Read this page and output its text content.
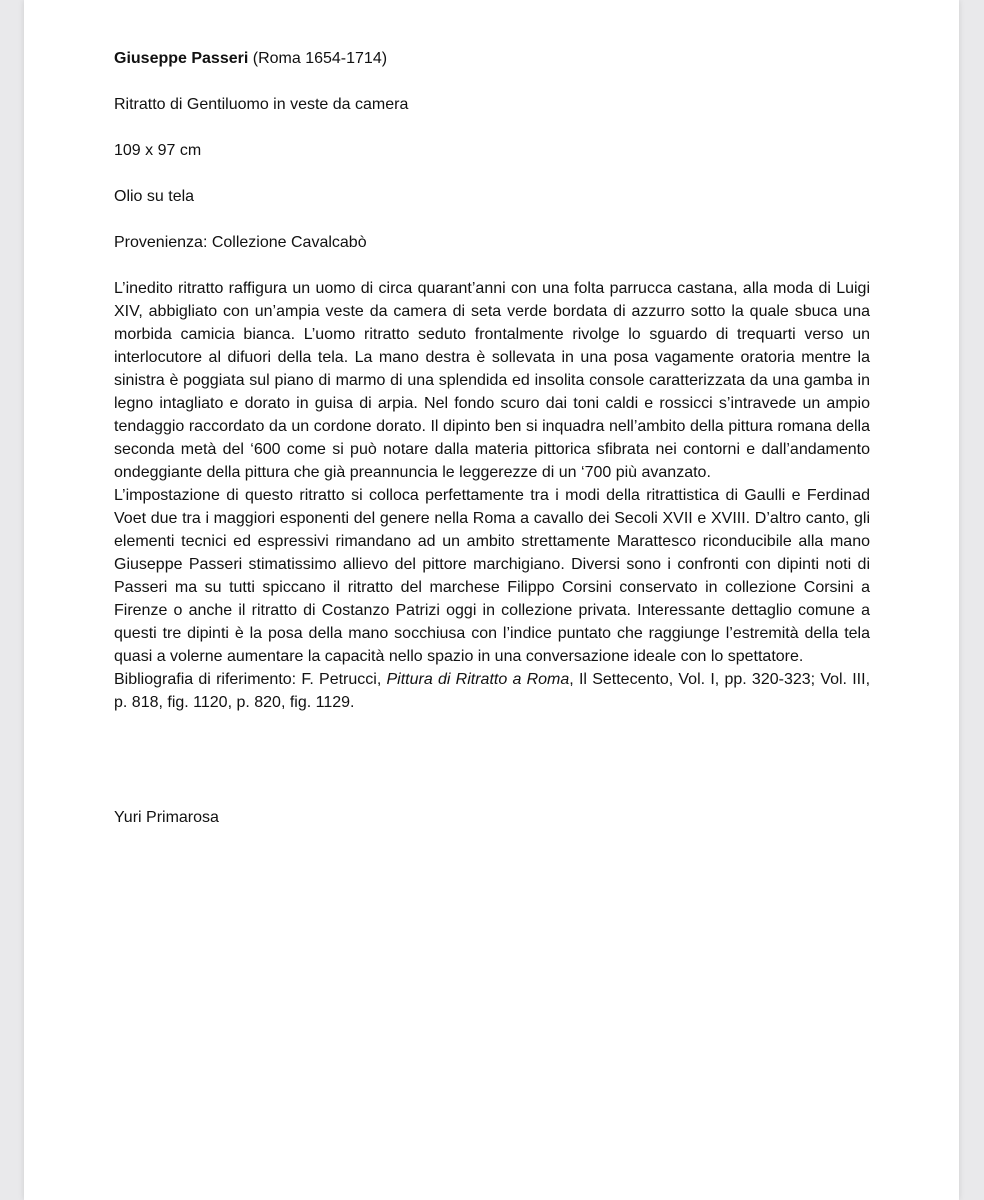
Giuseppe Passeri (Roma 1654-1714)

Ritratto di Gentiluomo in veste da camera

109 x 97 cm

Olio su tela

Provenienza: Collezione Cavalcabò

L’inedito ritratto raffigura un uomo di circa quarant’anni con una folta parrucca castana, alla moda di Luigi XIV, abbigliato con un’ampia veste da camera di seta verde bordata di azzurro sotto la quale sbuca una morbida camicia bianca. L’uomo ritratto seduto frontalmente rivolge lo sguardo di trequarti verso un interlocutore al difuori della tela. La mano destra è sollevata in una posa vagamente oratoria mentre la sinistra è poggiata sul piano di marmo di una splendida ed insolita console caratterizzata da una gamba in legno intagliato e dorato in guisa di arpia. Nel fondo scuro dai toni caldi e rossicci s’intravede un ampio tendaggio raccordato da un cordone dorato. Il dipinto ben si inquadra nell’ambito della pittura romana della seconda metà del ‘600 come si può notare dalla materia pittorica sfibrata nei contorni e dall’andamento ondeggiante della pittura che già preannuncia le leggerezze di un ‘700 più avanzato.

L’impostazione di questo ritratto si colloca perfettamente tra i modi della ritrattistica di Gaulli e Ferdinad Voet due tra i maggiori esponenti del genere nella Roma a cavallo dei Secoli XVII e XVIII. D’altro canto, gli elementi tecnici ed espressivi rimandano ad un ambito strettamente Marattesco riconducibile alla mano Giuseppe Passeri stimatissimo allievo del pittore marchigiano. Diversi sono i confronti con dipinti noti di Passeri ma su tutti spiccano il ritratto del marchese Filippo Corsini conservato in collezione Corsini a Firenze o anche il ritratto di Costanzo Patrizi oggi in collezione privata. Interessante dettaglio comune a questi tre dipinti è la posa della mano socchiusa con l’indice puntato che raggiunge l’estremità della tela quasi a volerne aumentare la capacità nello spazio in una conversazione ideale con lo spettatore.

Bibliografia di riferimento: F. Petrucci, Pittura di Ritratto a Roma, Il Settecento, Vol. I, pp. 320-323; Vol. III, p. 818, fig. 1120, p. 820, fig. 1129.

Yuri Primarosa
